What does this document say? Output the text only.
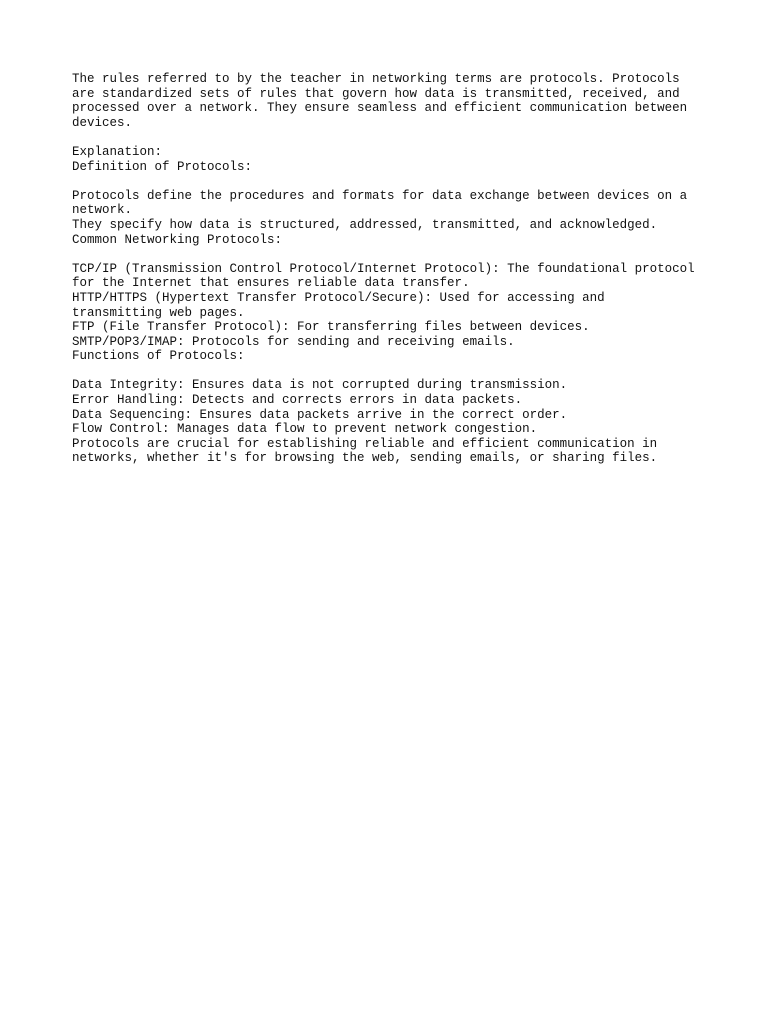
The rules referred to by the teacher in networking terms are protocols. Protocols
are standardized sets of rules that govern how data is transmitted, received, and
processed over a network. They ensure seamless and efficient communication between
devices.
Explanation:
Definition of Protocols:
Protocols define the procedures and formats for data exchange between devices on a
network.
They specify how data is structured, addressed, transmitted, and acknowledged.
Common Networking Protocols:
TCP/IP (Transmission Control Protocol/Internet Protocol): The foundational protocol
for the Internet that ensures reliable data transfer.
HTTP/HTTPS (Hypertext Transfer Protocol/Secure): Used for accessing and
transmitting web pages.
FTP (File Transfer Protocol): For transferring files between devices.
SMTP/POP3/IMAP: Protocols for sending and receiving emails.
Functions of Protocols:
Data Integrity: Ensures data is not corrupted during transmission.
Error Handling: Detects and corrects errors in data packets.
Data Sequencing: Ensures data packets arrive in the correct order.
Flow Control: Manages data flow to prevent network congestion.
Protocols are crucial for establishing reliable and efficient communication in
networks, whether it's for browsing the web, sending emails, or sharing files.
